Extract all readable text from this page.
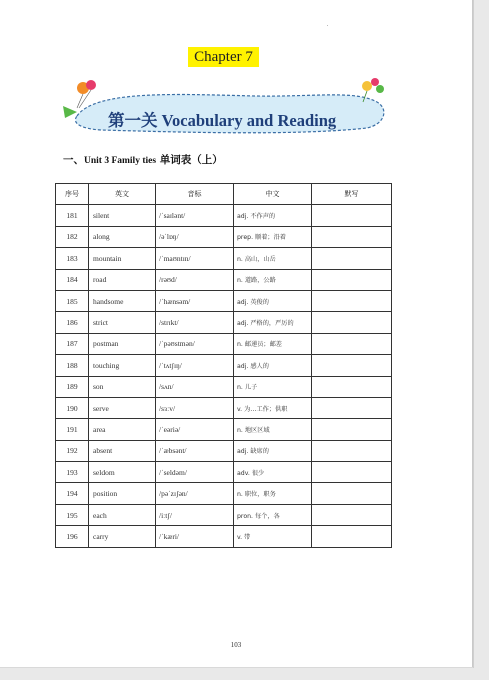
Chapter 7
第一关 Vocabulary and Reading
一、Unit 3 Family ties 单词表（上）
序号	英文	音标	中文	默写
181	silent	/ˈsaɪlənt/	adj. 不作声的	
182	along	/əˈlɒŋ/	prep. 顺着；沿着	
183	mountain	/ˈmaʊntɪn/	n. 高山，山岳	
184	road	/rəʊd/	n. 道路，公路	
185	handsome	/ˈhænsəm/	adj. 英俊的	
186	strict	/strɪkt/	adj. 严格的，严厉的	
187	postman	/ˈpəʊstmən/	n. 邮递员；邮差	
188	touching	/ˈtʌtʃɪŋ/	adj. 感人的	
189	son	/sʌn/	n. 儿子	
190	serve	/sɜːv/	v. 为…工作；供职	
191	area	/ˈeəriə/	n. 地区区域	
192	absent	/ˈæbsənt/	adj. 缺席的	
193	seldom	/ˈseldəm/	adv. 很少	
194	position	/pəˈzɪʃən/	n. 职位，职务	
195	each	/iːtʃ/	pron. 每个，各	
196	carry	/ˈkæri/	v. 带	
103
